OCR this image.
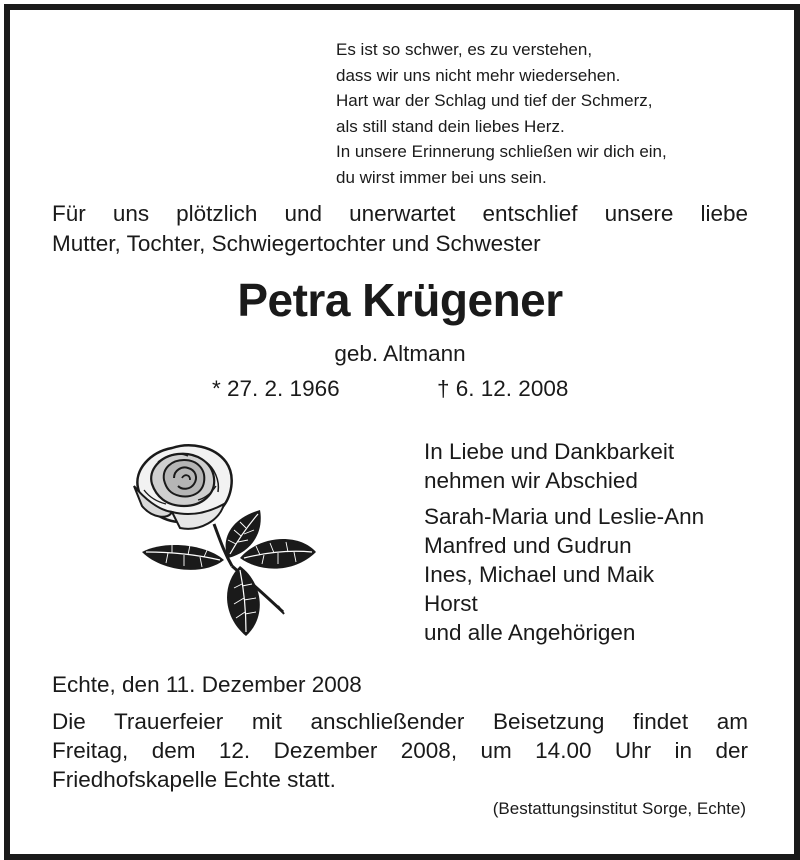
Es ist so schwer, es zu verstehen,
dass wir uns nicht mehr wiedersehen.
Hart war der Schlag und tief der Schmerz,
als still stand dein liebes Herz.
In unsere Erinnerung schließen wir dich ein,
du wirst immer bei uns sein.
Für uns plötzlich und unerwartet entschlief unsere liebe
Mutter, Tochter, Schwiegertochter und Schwester
Petra Krügener
geb. Altmann
* 27. 2. 1966	† 6. 12. 2008
In Liebe und Dankbarkeit
nehmen wir Abschied
Sarah-Maria und Leslie-Ann
Manfred und Gudrun
Ines, Michael und Maik
Horst
und alle Angehörigen
Echte, den 11. Dezember 2008
Die Trauerfeier mit anschließender Beisetzung findet am
Freitag, dem 12. Dezember 2008, um 14.00 Uhr in der
Friedhofskapelle Echte statt.
(Bestattungsinstitut Sorge, Echte)
